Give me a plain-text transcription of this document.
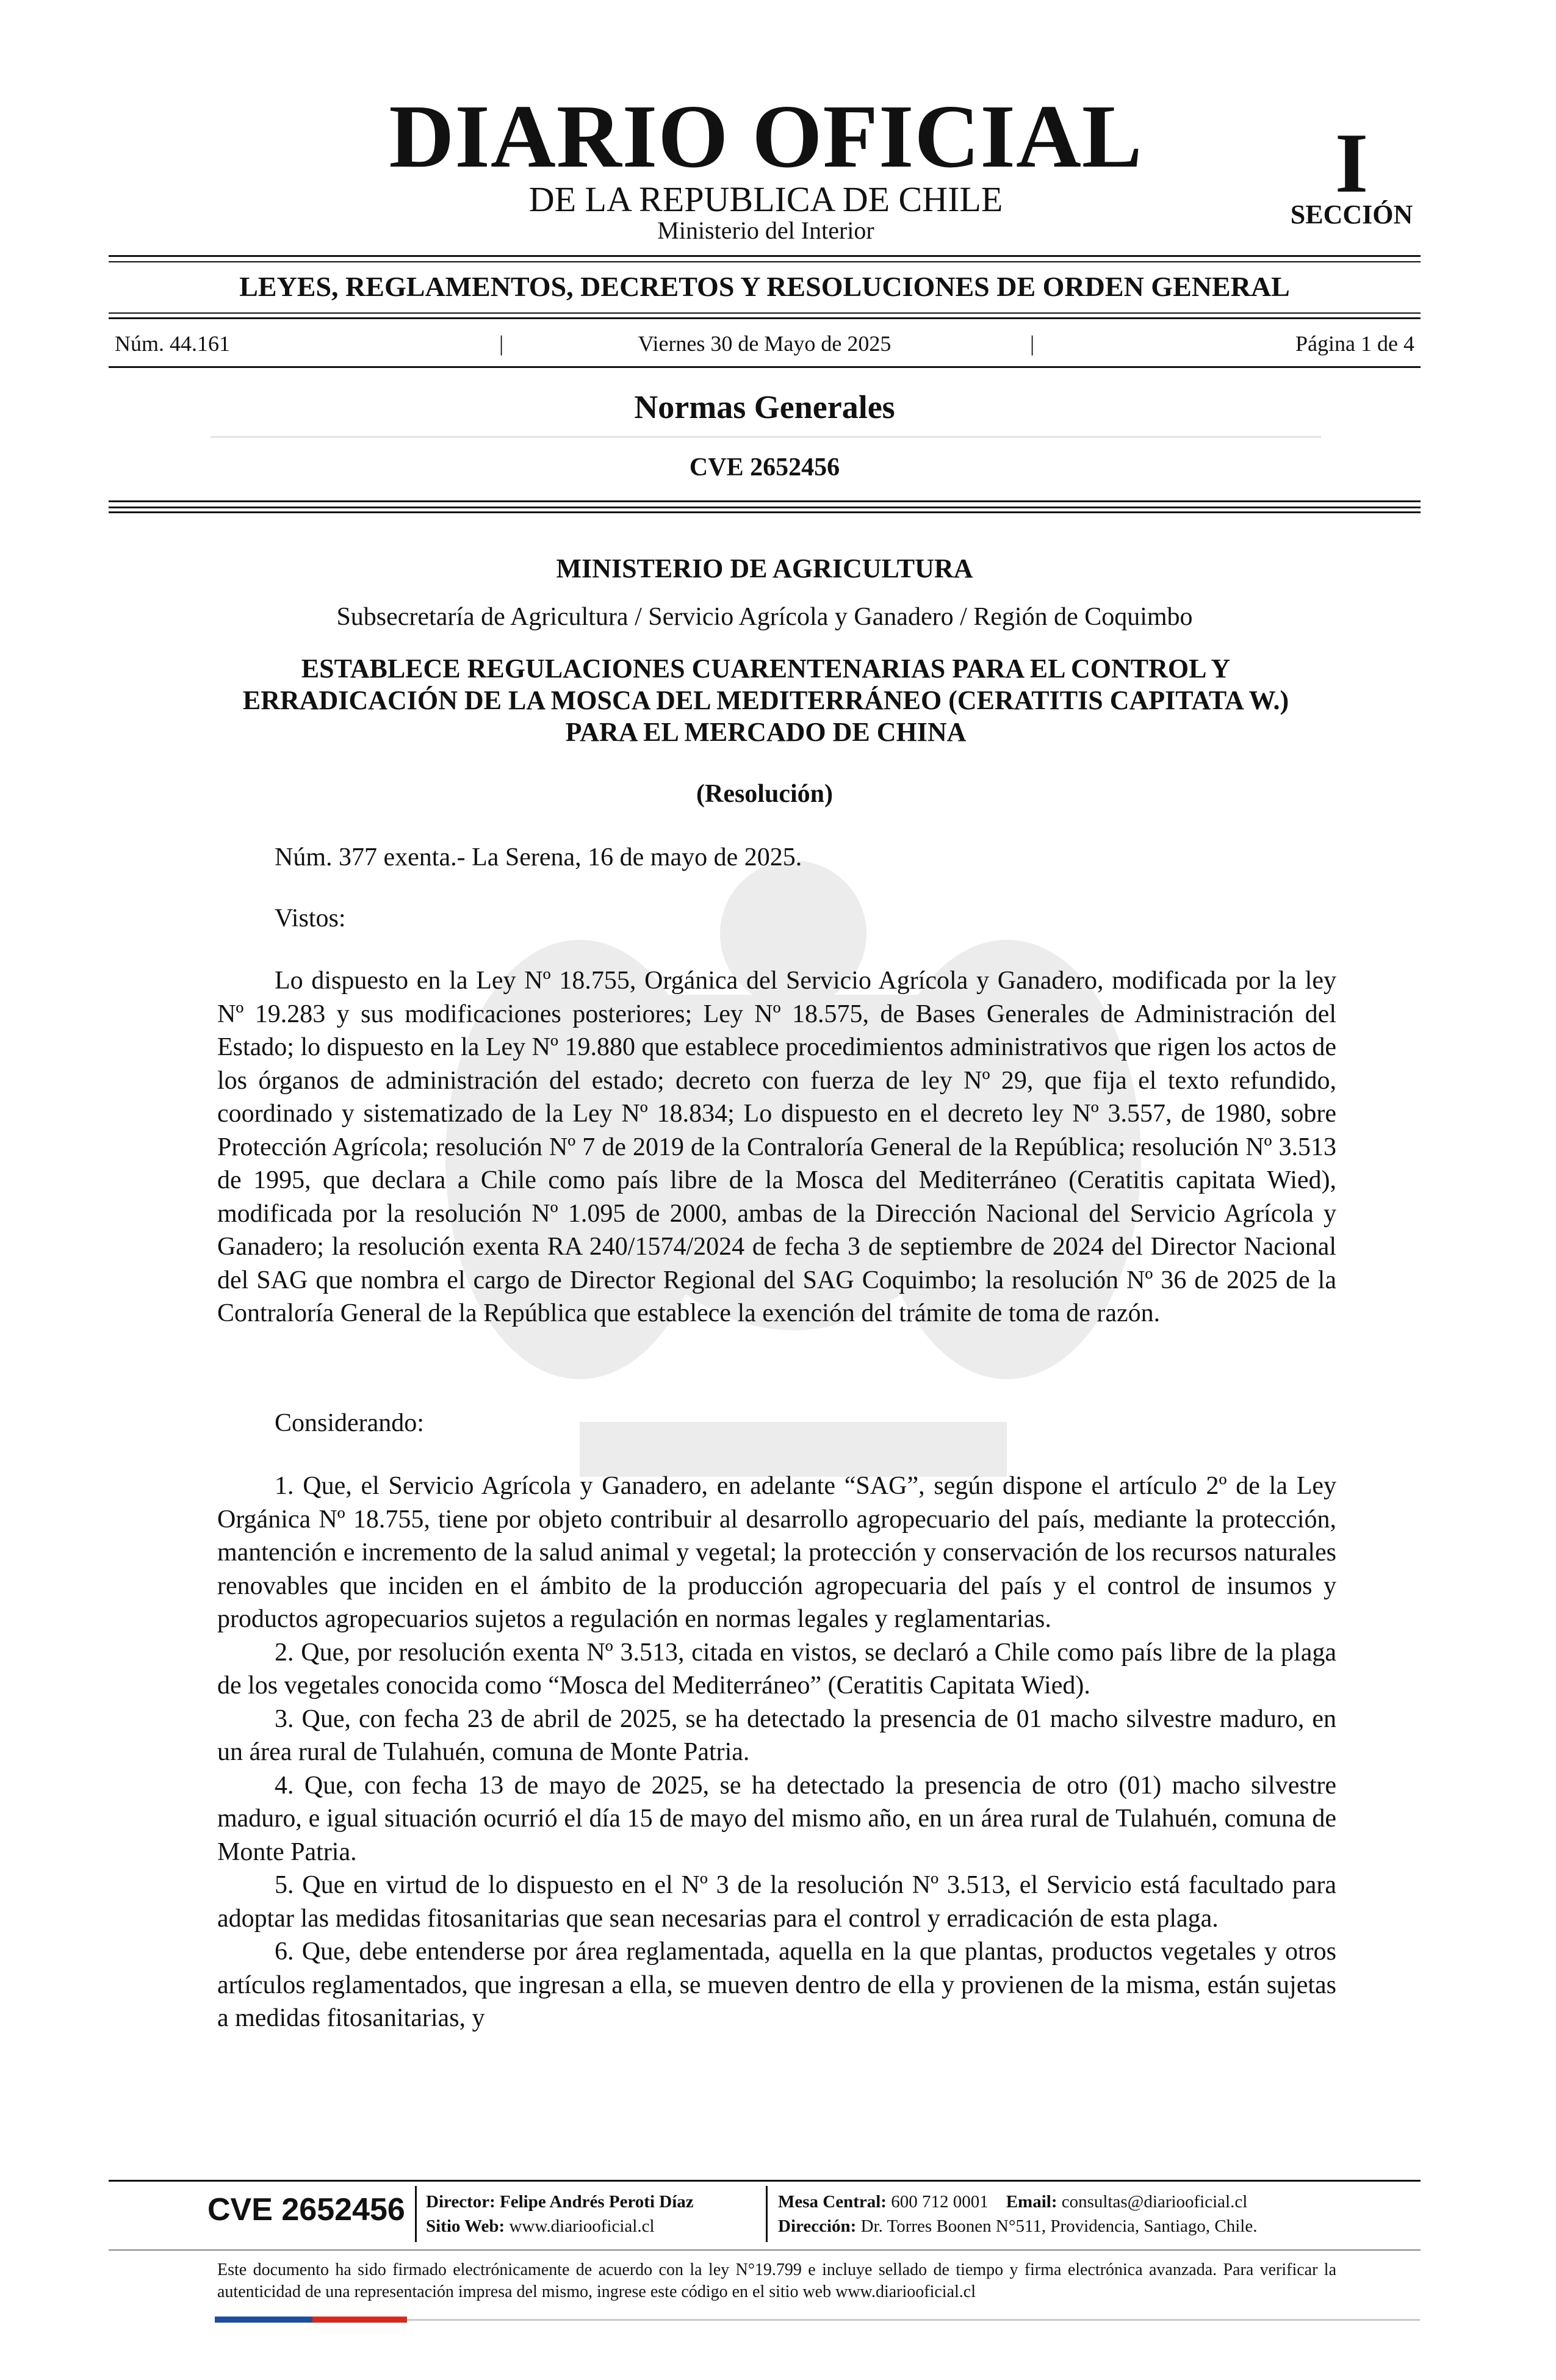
DIARIO OFICIAL
DE LA REPUBLICA DE CHILE
Ministerio del Interior
I
SECCIÓN
LEYES, REGLAMENTOS, DECRETOS Y RESOLUCIONES DE ORDEN GENERAL
Núm. 44.161	|	Viernes 30 de Mayo de 2025	|	Página 1 de 4
Normas Generales
CVE 2652456
MINISTERIO DE AGRICULTURA
Subsecretaría de Agricultura / Servicio Agrícola y Ganadero / Región de Coquimbo
ESTABLECE REGULACIONES CUARENTENARIAS PARA EL CONTROL Y ERRADICACIÓN DE LA MOSCA DEL MEDITERRÁNEO (CERATITIS CAPITATA W.) PARA EL MERCADO DE CHINA
(Resolución)
Núm. 377 exenta.- La Serena, 16 de mayo de 2025.
Vistos:
Lo dispuesto en la Ley Nº 18.755, Orgánica del Servicio Agrícola y Ganadero, modificada por la ley Nº 19.283 y sus modificaciones posteriores; Ley Nº 18.575, de Bases Generales de Administración del Estado; lo dispuesto en la Ley Nº 19.880 que establece procedimientos administrativos que rigen los actos de los órganos de administración del estado; decreto con fuerza de ley Nº 29, que fija el texto refundido, coordinado y sistematizado de la Ley Nº 18.834; Lo dispuesto en el decreto ley Nº 3.557, de 1980, sobre Protección Agrícola; resolución Nº 7 de 2019 de la Contraloría General de la República; resolución Nº 3.513 de 1995, que declara a Chile como país libre de la Mosca del Mediterráneo (Ceratitis capitata Wied), modificada por la resolución Nº 1.095 de 2000, ambas de la Dirección Nacional del Servicio Agrícola y Ganadero; la resolución exenta RA 240/1574/2024 de fecha 3 de septiembre de 2024 del Director Nacional del SAG que nombra el cargo de Director Regional del SAG Coquimbo; la resolución Nº 36 de 2025 de la Contraloría General de la República que establece la exención del trámite de toma de razón.
Considerando:

1. Que, el Servicio Agrícola y Ganadero, en adelante “SAG”, según dispone el artículo 2º de la Ley Orgánica Nº 18.755, tiene por objeto contribuir al desarrollo agropecuario del país, mediante la protección, mantención e incremento de la salud animal y vegetal; la protección y conservación de los recursos naturales renovables que inciden en el ámbito de la producción agropecuaria del país y el control de insumos y productos agropecuarios sujetos a regulación en normas legales y reglamentarias.

2. Que, por resolución exenta Nº 3.513, citada en vistos, se declaró a Chile como país libre de la plaga de los vegetales conocida como “Mosca del Mediterráneo” (Ceratitis Capitata Wied).

3. Que, con fecha 23 de abril de 2025, se ha detectado la presencia de 01 macho silvestre maduro, en un área rural de Tulahuén, comuna de Monte Patria.

4. Que, con fecha 13 de mayo de 2025, se ha detectado la presencia de otro (01) macho silvestre maduro, e igual situación ocurrió el día 15 de mayo del mismo año, en un área rural de Tulahuén, comuna de Monte Patria.

5. Que en virtud de lo dispuesto en el Nº 3 de la resolución Nº 3.513, el Servicio está facultado para adoptar las medidas fitosanitarias que sean necesarias para el control y erradicación de esta plaga.

6. Que, debe entenderse por área reglamentada, aquella en la que plantas, productos vegetales y otros artículos reglamentados, que ingresan a ella, se mueven dentro de ella y provienen de la misma, están sujetas a medidas fitosanitarias, y

CVE 2652456 Director: Felipe Andrés Peroti Díaz
Sitio Web: www.diariooficial.cl
Mesa Central: 600 712 0001 Email: consultas@diariooficial.cl
Dirección: Dr. Torres Boonen N°511, Providencia, Santiago, Chile.
Este documento ha sido firmado electrónicamente de acuerdo con la ley N°19.799 e incluye sellado de tiempo y firma electrónica avanzada. Para verificar la autenticidad de una representación impresa del mismo, ingrese este código en el sitio web www.diariooficial.cl
